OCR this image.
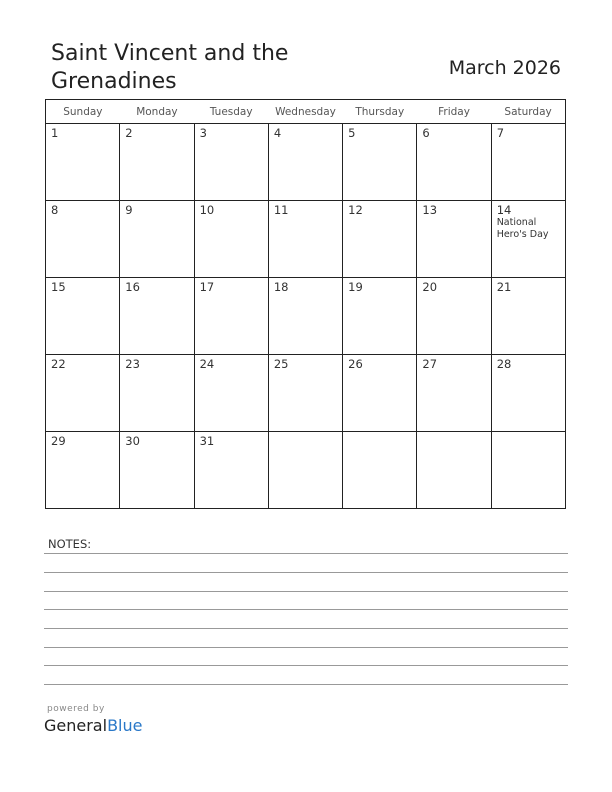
Saint Vincent and the Grenadines
March 2026
Sunday	Monday	Tuesday	Wednesday	Thursday	Friday	Saturday

1	2	3	4	5	6	7

8	9	10	11	12	13	14
National Hero's Day

15	16	17	18	19	20	21

22	23	24	25	26	27	28

29	30	31				

NOTES:
powered by
GeneralBlue
